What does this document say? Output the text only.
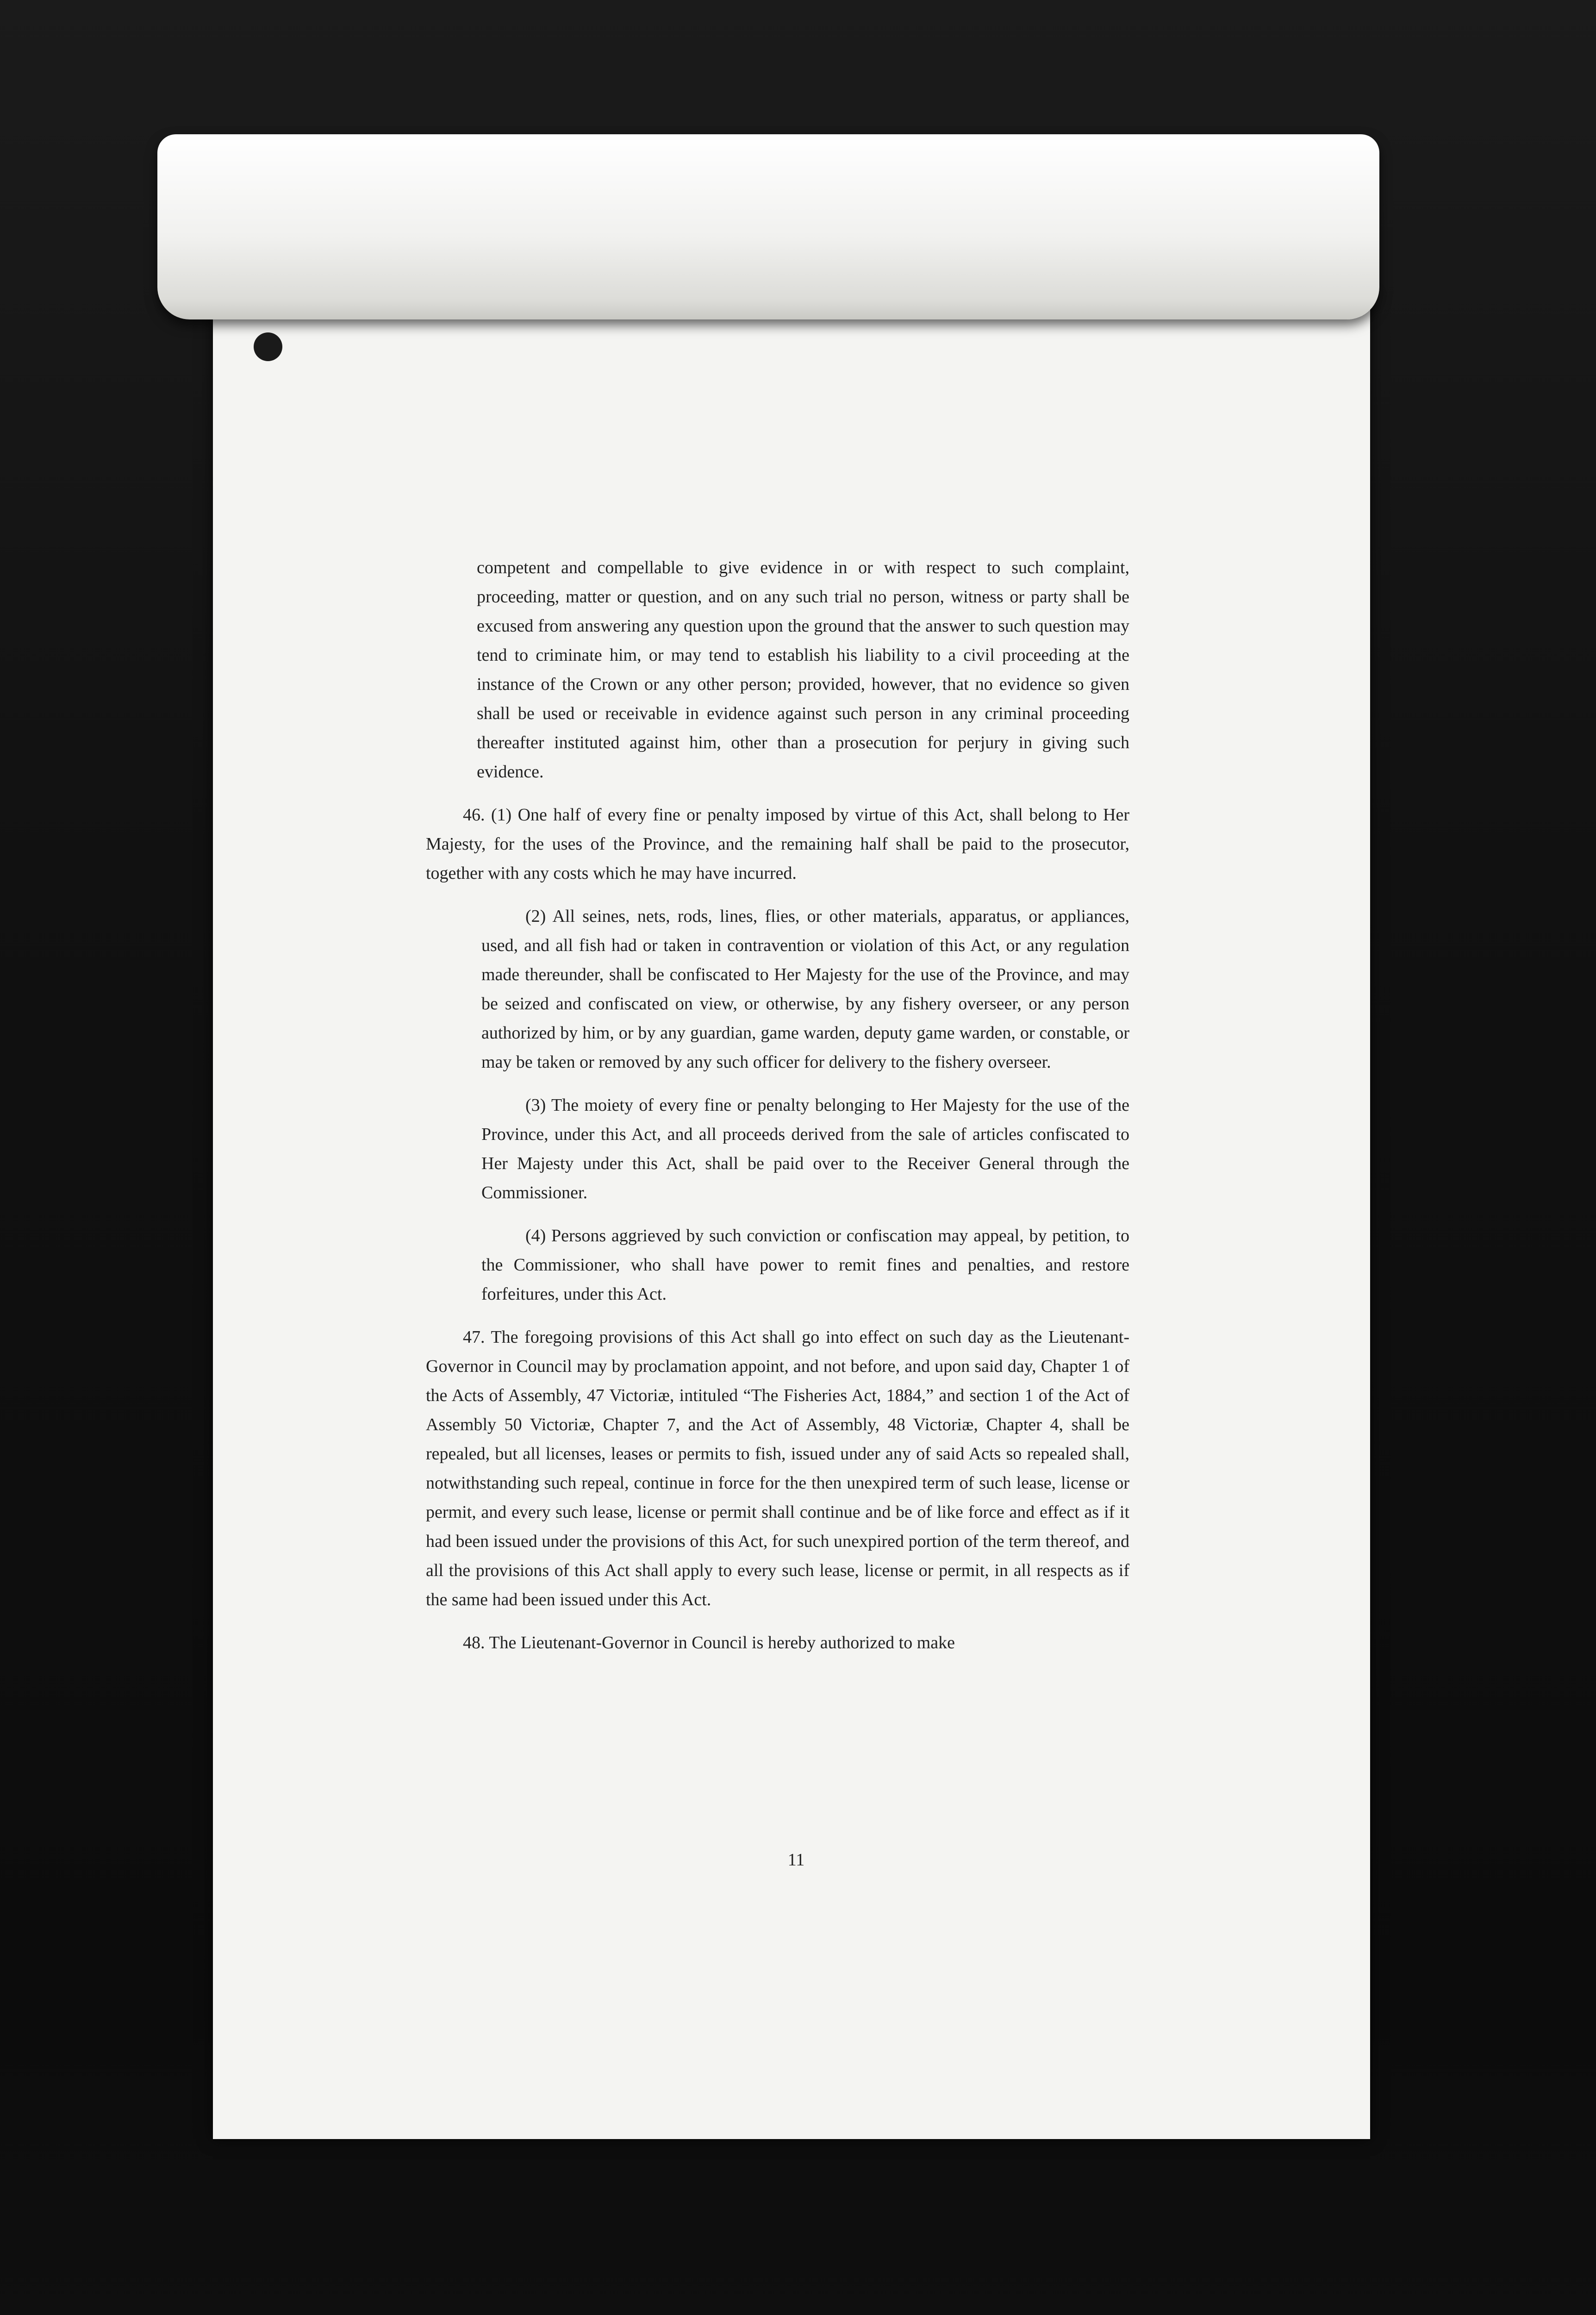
competent and compellable to give evidence in or with respect to such complaint, proceeding, matter or question, and on any such trial no person, witness or party shall be excused from answering any question upon the ground that the answer to such question may tend to criminate him, or may tend to establish his liability to a civil proceeding at the instance of the Crown or any other person; provided, however, that no evidence so given shall be used or receivable in evidence against such person in any criminal proceeding thereafter instituted against him, other than a prosecution for perjury in giving such evidence.

46. (1) One half of every fine or penalty imposed by virtue of this Act, shall belong to Her Majesty, for the uses of the Province, and the remaining half shall be paid to the prosecutor, together with any costs which he may have incurred.

(2) All seines, nets, rods, lines, flies, or other materials, apparatus, or appliances, used, and all fish had or taken in contravention or violation of this Act, or any regulation made thereunder, shall be confiscated to Her Majesty for the use of the Province, and may be seized and confiscated on view, or otherwise, by any fishery overseer, or any person authorized by him, or by any guardian, game warden, deputy game warden, or constable, or may be taken or removed by any such officer for delivery to the fishery overseer.

(3) The moiety of every fine or penalty belonging to Her Majesty for the use of the Province, under this Act, and all proceeds derived from the sale of articles confiscated to Her Majesty under this Act, shall be paid over to the Receiver General through the Commissioner.

(4) Persons aggrieved by such conviction or confiscation may appeal, by petition, to the Commissioner, who shall have power to remit fines and penalties, and restore forfeitures, under this Act.

47. The foregoing provisions of this Act shall go into effect on such day as the Lieutenant-Governor in Council may by proclamation appoint, and not before, and upon said day, Chapter 1 of the Acts of Assembly, 47 Victoriæ, intituled “The Fisheries Act, 1884,” and section 1 of the Act of Assembly 50 Victoriæ, Chapter 7, and the Act of Assembly, 48 Victoriæ, Chapter 4, shall be repealed, but all licenses, leases or permits to fish, issued under any of said Acts so repealed shall, notwithstanding such repeal, continue in force for the then unexpired term of such lease, license or permit, and every such lease, license or permit shall continue and be of like force and effect as if it had been issued under the provisions of this Act, for such unexpired portion of the term thereof, and all the provisions of this Act shall apply to every such lease, license or permit, in all respects as if the same had been issued under this Act.

48. The Lieutenant-Governor in Council is hereby authorized to make

11
